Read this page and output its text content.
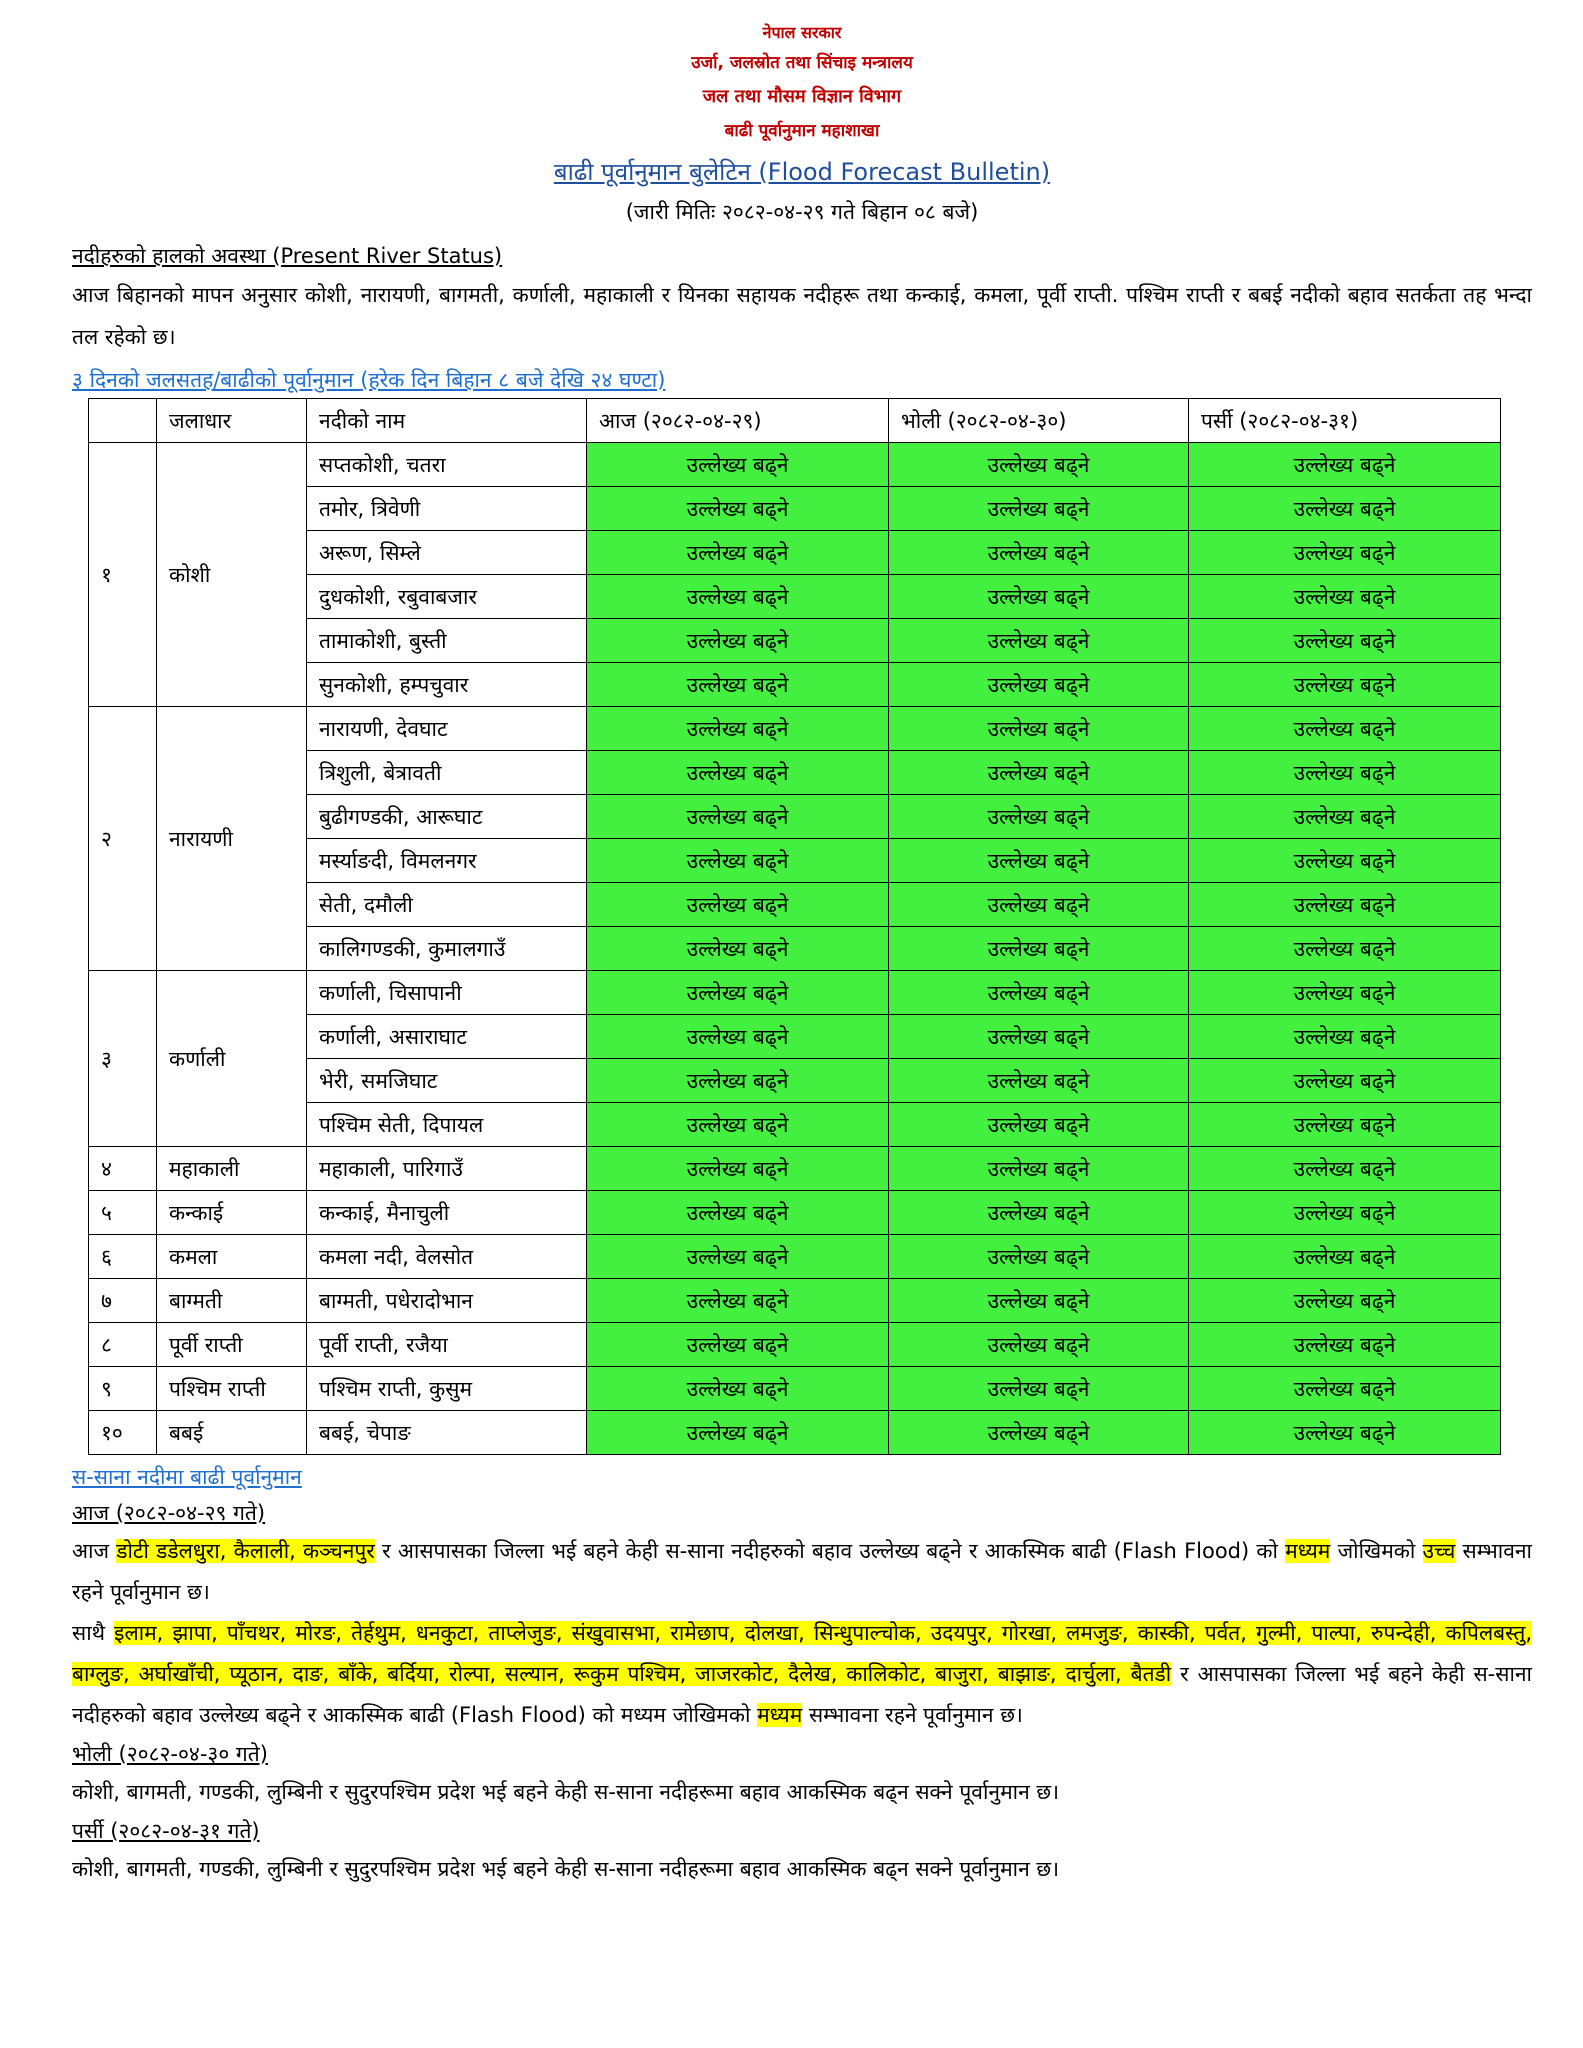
नेपाल सरकार
उर्जा, जलस्रोत तथा सिंचाइ मन्त्रालय
जल तथा मौसम विज्ञान विभाग
बाढी पूर्वानुमान महाशाखा
बाढी पूर्वानुमान बुलेटिन (Flood Forecast Bulletin)
(जारी मितिः २०८२-०४-२९ गते बिहान ०८ बजे)
नदीहरुको हालको अवस्था (Present River Status)
आज बिहानको मापन अनुसार कोशी, नारायणी, बागमती, कर्णाली, महाकाली र यिनका सहायक नदीहरू तथा कन्काई, कमला, पूर्वी राप्ती. पश्चिम राप्ती र बबई नदीको बहाव सतर्कता तह भन्दा तल रहेको छ।
३ दिनको जलसतह/बाढीको पूर्वानुमान (हरेक दिन बिहान ८ बजे देखि २४ घण्टा)
	जलाधार	नदीको नाम	आज (२०८२-०४-२९)	भोली (२०८२-०४-३०)	पर्सी (२०८२-०४-३१)
१	कोशी	सप्तकोशी, चतरा	उल्लेख्य बढ्ने	उल्लेख्य बढ्ने	उल्लेख्य बढ्ने
		तमोर, त्रिवेणी	उल्लेख्य बढ्ने	उल्लेख्य बढ्ने	उल्लेख्य बढ्ने
		अरूण, सिम्ले	उल्लेख्य बढ्ने	उल्लेख्य बढ्ने	उल्लेख्य बढ्ने
		दुधकोशी, रबुवाबजार	उल्लेख्य बढ्ने	उल्लेख्य बढ्ने	उल्लेख्य बढ्ने
		तामाकोशी, बुस्ती	उल्लेख्य बढ्ने	उल्लेख्य बढ्ने	उल्लेख्य बढ्ने
		सुनकोशी, हम्पचुवार	उल्लेख्य बढ्ने	उल्लेख्य बढ्ने	उल्लेख्य बढ्ने
२	नारायणी	नारायणी, देवघाट	उल्लेख्य बढ्ने	उल्लेख्य बढ्ने	उल्लेख्य बढ्ने
		त्रिशुली, बेत्रावती	उल्लेख्य बढ्ने	उल्लेख्य बढ्ने	उल्लेख्य बढ्ने
		बुढीगण्डकी, आरूघाट	उल्लेख्य बढ्ने	उल्लेख्य बढ्ने	उल्लेख्य बढ्ने
		मर्स्याङदी, विमलनगर	उल्लेख्य बढ्ने	उल्लेख्य बढ्ने	उल्लेख्य बढ्ने
		सेती, दमौली	उल्लेख्य बढ्ने	उल्लेख्य बढ्ने	उल्लेख्य बढ्ने
		कालिगण्डकी, कुमालगाउँ	उल्लेख्य बढ्ने	उल्लेख्य बढ्ने	उल्लेख्य बढ्ने
३	कर्णाली	कर्णाली, चिसापानी	उल्लेख्य बढ्ने	उल्लेख्य बढ्ने	उल्लेख्य बढ्ने
		कर्णाली, असाराघाट	उल्लेख्य बढ्ने	उल्लेख्य बढ्ने	उल्लेख्य बढ्ने
		भेरी, समजिघाट	उल्लेख्य बढ्ने	उल्लेख्य बढ्ने	उल्लेख्य बढ्ने
		पश्चिम सेती, दिपायल	उल्लेख्य बढ्ने	उल्लेख्य बढ्ने	उल्लेख्य बढ्ने
४	महाकाली	महाकाली, पारिगाउँ	उल्लेख्य बढ्ने	उल्लेख्य बढ्ने	उल्लेख्य बढ्ने
५	कन्काई	कन्काई, मैनाचुली	उल्लेख्य बढ्ने	उल्लेख्य बढ्ने	उल्लेख्य बढ्ने
६	कमला	कमला नदी, वेलसोत	उल्लेख्य बढ्ने	उल्लेख्य बढ्ने	उल्लेख्य बढ्ने
७	बाग्मती	बाग्मती, पधेरादोभान	उल्लेख्य बढ्ने	उल्लेख्य बढ्ने	उल्लेख्य बढ्ने
८	पूर्वी राप्ती	पूर्वी राप्ती, रजैया	उल्लेख्य बढ्ने	उल्लेख्य बढ्ने	उल्लेख्य बढ्ने
९	पश्चिम राप्ती	पश्चिम राप्ती, कुसुम	उल्लेख्य बढ्ने	उल्लेख्य बढ्ने	उल्लेख्य बढ्ने
१०	बबई	बबई, चेपाङ	उल्लेख्य बढ्ने	उल्लेख्य बढ्ने	उल्लेख्य बढ्ने
स-साना नदीमा बाढी पूर्वानुमान
आज (२०८२-०४-२९ गते)
आज डोटी डडेलधुरा, कैलाली, कञ्चनपुर र आसपासका जिल्ला भई बहने केही स-साना नदीहरुको बहाव उल्लेख्य बढ्ने र आकस्मिक बाढी (Flash Flood) को मध्यम जोखिमको उच्च सम्भावना रहने पूर्वानुमान छ।
साथै इलाम, झापा, पाँचथर, मोरङ, तेर्हथुम, धनकुटा, ताप्लेजुङ, संखुवासभा, रामेछाप, दोलखा, सिन्धुपाल्चोक, उदयपुर, गोरखा, लमजुङ, कास्की, पर्वत, गुल्मी, पाल्पा, रुपन्देही, कपिलबस्तु, बाग्लुङ, अर्घाखाँची, प्यूठान, दाङ, बाँके, बर्दिया, रोल्पा, सल्यान, रूकुम पश्चिम, जाजरकोट, दैलेख, कालिकोट, बाजुरा, बाझाङ, दार्चुला, बैतडी र आसपासका जिल्ला भई बहने केही स-साना नदीहरुको बहाव उल्लेख्य बढ्ने र आकस्मिक बाढी (Flash Flood) को मध्यम जोखिमको मध्यम सम्भावना रहने पूर्वानुमान छ।
भोली (२०८२-०४-३० गते)
कोशी, बागमती, गण्डकी, लुम्बिनी र सुदुरपश्चिम प्रदेश भई बहने केही स-साना नदीहरूमा बहाव आकस्मिक बढ्न सक्ने पूर्वानुमान छ।
पर्सी (२०८२-०४-३१ गते)
कोशी, बागमती, गण्डकी, लुम्बिनी र सुदुरपश्चिम प्रदेश भई बहने केही स-साना नदीहरूमा बहाव आकस्मिक बढ्न सक्ने पूर्वानुमान छ।
